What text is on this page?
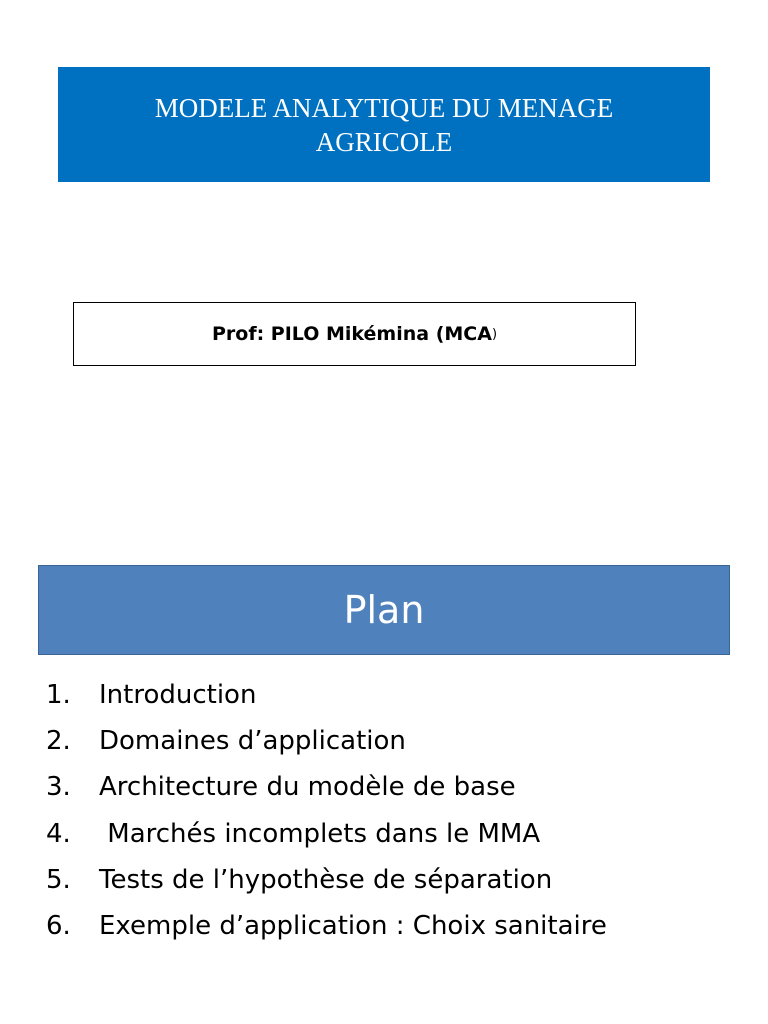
MODELE ANALYTIQUE DU MENAGE
AGRICOLE
Prof: PILO Mikémina (MCA )
Plan
1.	Introduction
2.	Domaines d’application
3.	Architecture du modèle de base
4.	Marchés incomplets dans le MMA
5.	Tests de l’hypothèse de séparation
6.	Exemple d’application : Choix sanitaire
